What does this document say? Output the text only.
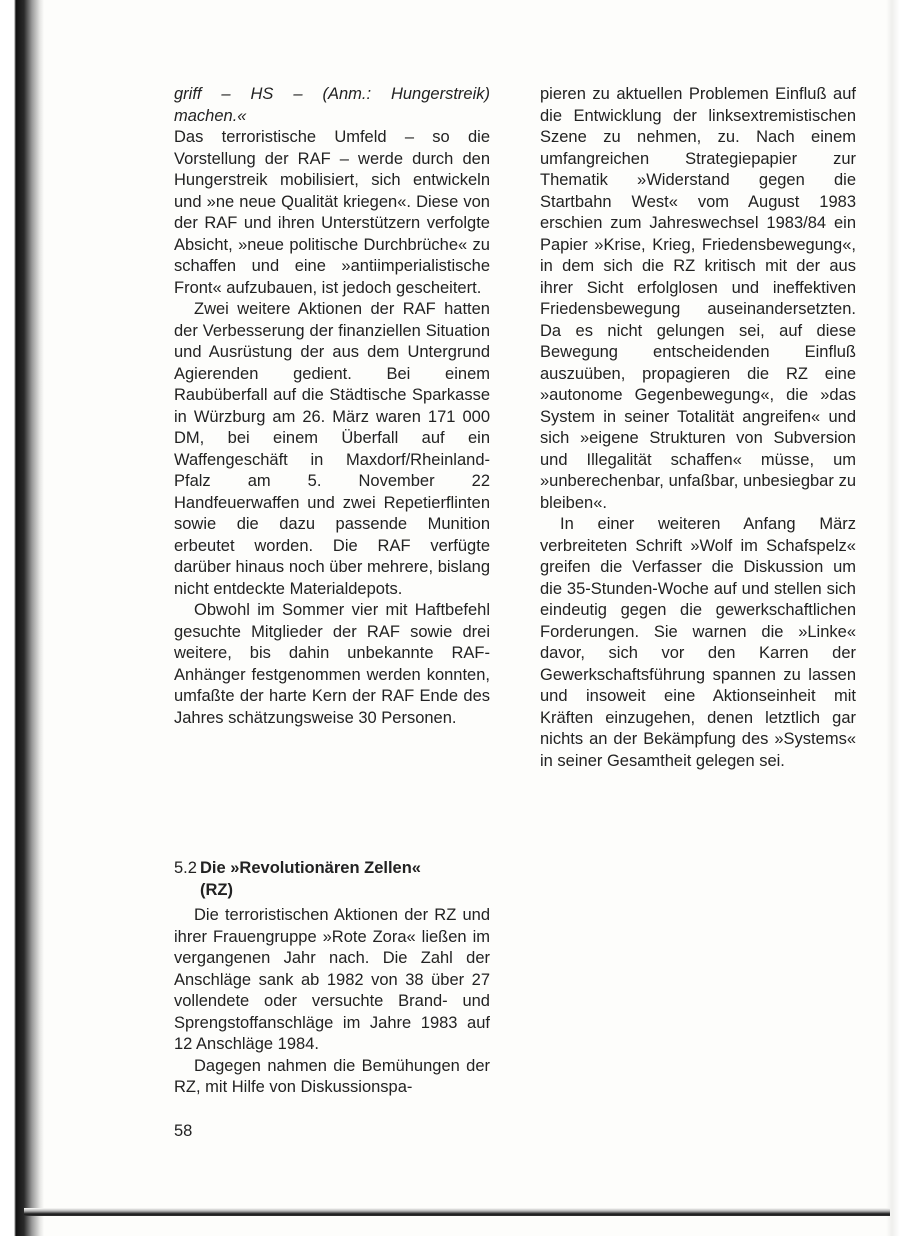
griff – HS – (Anm.: Hungerstreik) machen.«

Das terroristische Umfeld – so die Vorstellung der RAF – werde durch den Hungerstreik mobilisiert, sich entwickeln und »ne neue Qualität kriegen«. Diese von der RAF und ihren Unterstützern verfolgte Absicht, »neue politische Durchbrüche« zu schaffen und eine »antiimperialistische Front« aufzubauen, ist jedoch gescheitert.

Zwei weitere Aktionen der RAF hatten der Verbesserung der finanziellen Situation und Ausrüstung der aus dem Untergrund Agierenden gedient. Bei einem Raubüberfall auf die Städtische Sparkasse in Würzburg am 26. März waren 171 000 DM, bei einem Überfall auf ein Waffengeschäft in Maxdorf/Rheinland-Pfalz am 5. November 22 Handfeuerwaffen und zwei Repetierflinten sowie die dazu passende Munition erbeutet worden. Die RAF verfügte darüber hinaus noch über mehrere, bislang nicht entdeckte Materialdepots.

Obwohl im Sommer vier mit Haftbefehl gesuchte Mitglieder der RAF sowie drei weitere, bis dahin unbekannte RAF-Anhänger festgenommen werden konnten, umfaßte der harte Kern der RAF Ende des Jahres schätzungsweise 30 Personen.

pieren zu aktuellen Problemen Einfluß auf die Entwicklung der linksextremistischen Szene zu nehmen, zu. Nach einem umfangreichen Strategiepapier zur Thematik »Widerstand gegen die Startbahn West« vom August 1983 erschien zum Jahreswechsel 1983/84 ein Papier »Krise, Krieg, Friedensbewegung«, in dem sich die RZ kritisch mit der aus ihrer Sicht erfolglosen und ineffektiven Friedensbewegung auseinandersetzten. Da es nicht gelungen sei, auf diese Bewegung entscheidenden Einfluß auszuüben, propagieren die RZ eine »autonome Gegenbewegung«, die »das System in seiner Totalität angreifen« und sich »eigene Strukturen von Subversion und Illegalität schaffen« müsse, um »unberechenbar, unfaßbar, unbesiegbar zu bleiben«.

In einer weiteren Anfang März verbreiteten Schrift »Wolf im Schafspelz« greifen die Verfasser die Diskussion um die 35-Stunden-Woche auf und stellen sich eindeutig gegen die gewerkschaftlichen Forderungen. Sie warnen die »Linke« davor, sich vor den Karren der Gewerkschaftsführung spannen zu lassen und insoweit eine Aktionseinheit mit Kräften einzugehen, denen letztlich gar nichts an der Bekämpfung des »Systems« in seiner Gesamtheit gelegen sei.

5.2 Die »Revolutionären Zellen«
(RZ)

Die terroristischen Aktionen der RZ und ihrer Frauengruppe »Rote Zora« ließen im vergangenen Jahr nach. Die Zahl der Anschläge sank ab 1982 von 38 über 27 vollendete oder versuchte Brand- und Sprengstoffanschläge im Jahre 1983 auf 12 Anschläge 1984.

Dagegen nahmen die Bemühungen der RZ, mit Hilfe von Diskussionspa-

58
